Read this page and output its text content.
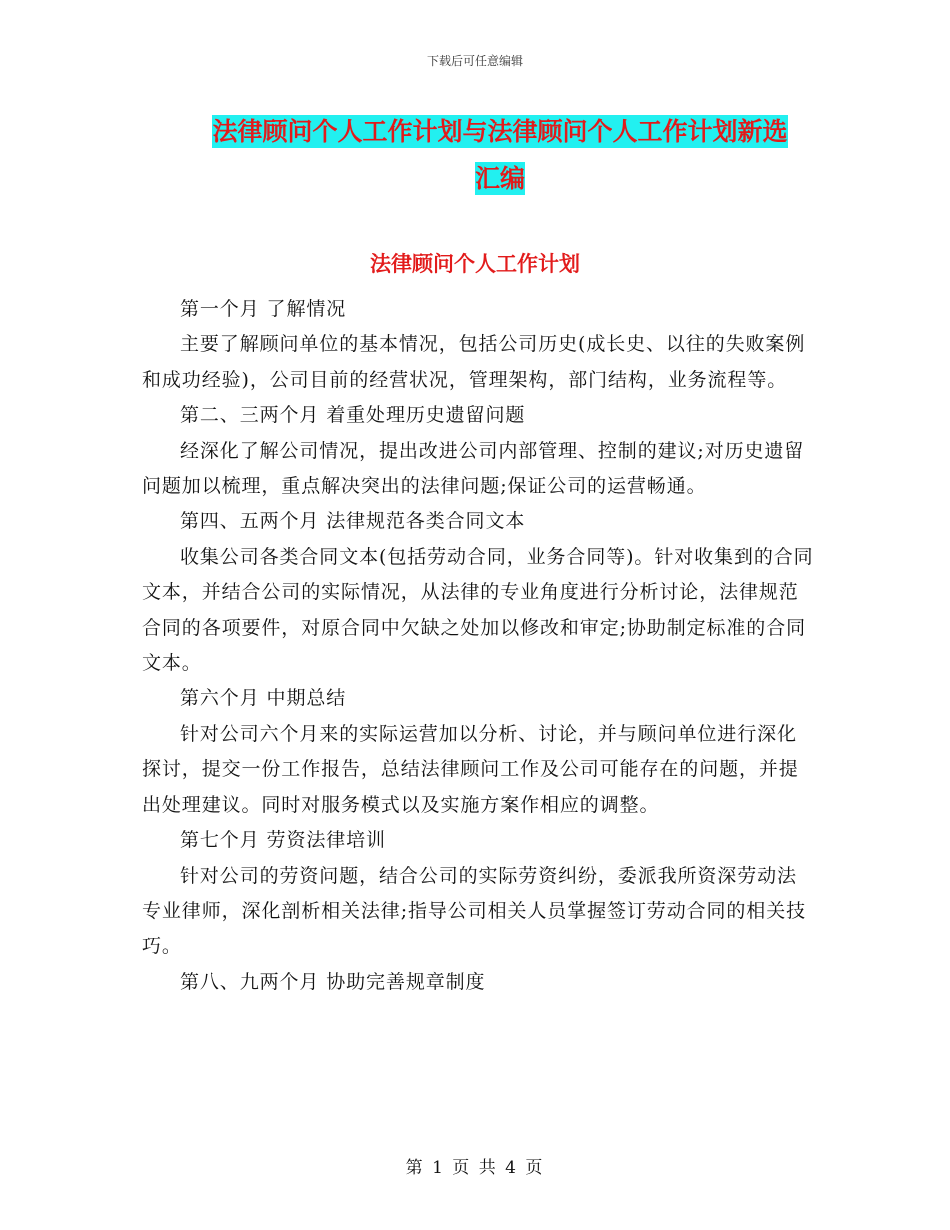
下载后可任意编辑
法律顾问个人工作计划与法律顾问个人工作计划新选
汇编
法律顾问个人工作计划

第一个月 了解情况

主要了解顾问单位的基本情况，包括公司历史(成长史、以往的失败案例和成功经验)，公司目前的经营状况，管理架构，部门结构，业务流程等。

第二、三两个月 着重处理历史遗留问题

经深化了解公司情况，提出改进公司内部管理、控制的建议;对历史遗留问题加以梳理，重点解决突出的法律问题;保证公司的运营畅通。

第四、五两个月 法律规范各类合同文本

收集公司各类合同文本(包括劳动合同，业务合同等)。针对收集到的合同文本，并结合公司的实际情况，从法律的专业角度进行分析讨论，法律规范合同的各项要件，对原合同中欠缺之处加以修改和审定;协助制定标准的合同文本。

第六个月 中期总结

针对公司六个月来的实际运营加以分析、讨论，并与顾问单位进行深化探讨，提交一份工作报告，总结法律顾问工作及公司可能存在的问题，并提出处理建议。同时对服务模式以及实施方案作相应的调整。

第七个月 劳资法律培训

针对公司的劳资问题，结合公司的实际劳资纠纷，委派我所资深劳动法专业律师，深化剖析相关法律;指导公司相关人员掌握签订劳动合同的相关技巧。

第八、九两个月 协助完善规章制度

第 1 页 共 4 页
